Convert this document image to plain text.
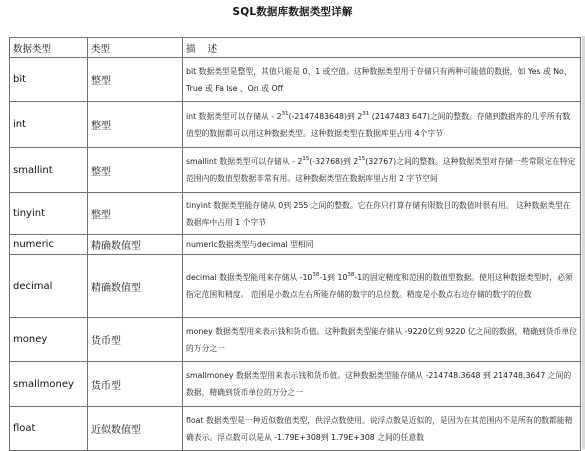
SQL数据库数据类型详解
数据类型	类型	描    述
bit	整型	bit 数据类型是整型，其值只能是 0、1 或空值。这种数据类型用于存储只有两种可能值的数据，如 Yes 或 No、True 或 Fa lse 、On 或 Off
int	整型	int 数据类型可以存储从 - $2^{31}(-2147483648)$到 $2^{31}$ (2147483 647)之间的整数。存储到数据库的几乎所有数值型的数据都可以用这种数据类型。这种数据类型在数据库里占用 4个字节
smallint	整型	smallint 数据类型可以存储从 - $2^{15}(-32768)$到 $2^{15}(32767)$之间的整数。这种数据类型对存储一些常限定在特定范围内的数值型数据非常有用。这种数据类型在数据库里占用 2 字节空间
tinyint	整型	tinyint 数据类型能存储从 0到 255 之间的整数。它在你只打算存储有限数目的数值时很有用。 这种数据类型在数据库中占用 1 个字节
numeric	精确数值型	numeric数据类型与decimal 型相同
decimal	精确数值型	decimal 数据类型能用来存储从 $-10^{38}-1$到 $10^{38}-1$的固定精度和范围的数值型数据。使用这种数据类型时，必须指定范围和精度。 范围是小数点左右所能存储的数字的总位数。精度是小数点右边存储的数字的位数
money	货币型	money 数据类型用来表示钱和货币值。这种数据类型能存储从 -9220亿到 9220 亿之间的数据，精确到货币单位的万分之一
smallmoney	货币型	smallmoney 数据类型用来表示钱和货币值。这种数据类型能存储从 -214748.3648 到 214748.3647 之间的数据，精确到货币单位的万分之一
float	近似数值型	float 数据类型是一种近似数值类型，供浮点数使用。说浮点数是近似的，是因为在其范围内不是所有的数都能精确表示。浮点数可以是从 -1.79E+308到 1.79E+308 之间的任意数
